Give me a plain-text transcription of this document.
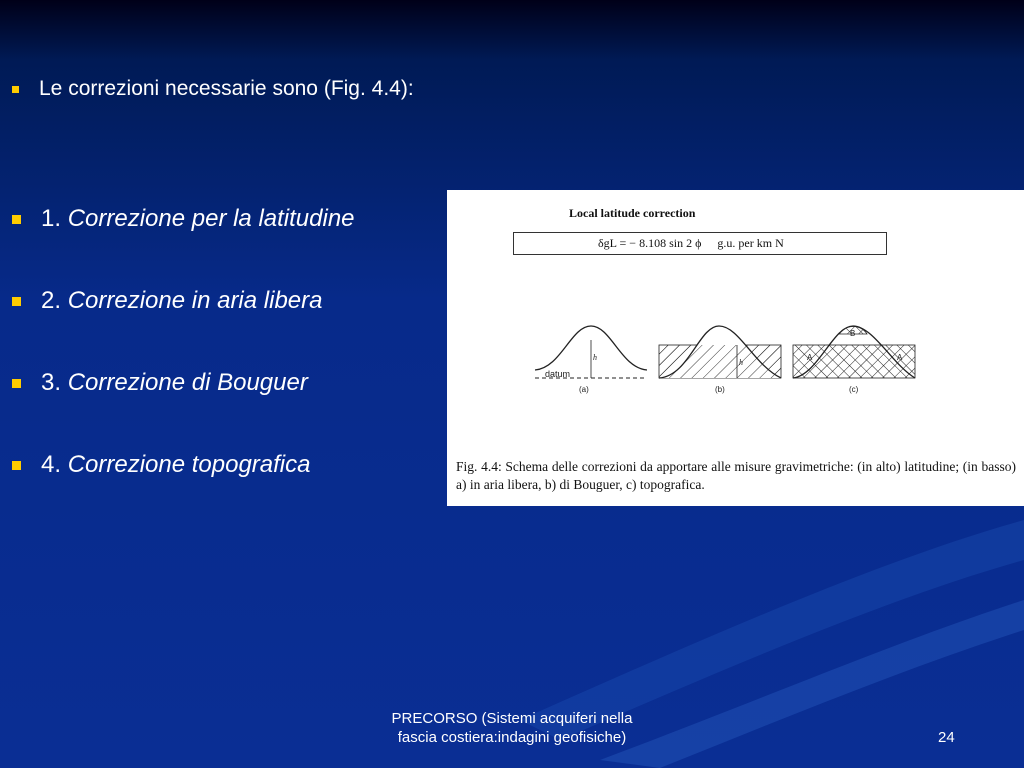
Le correzioni necessarie sono (Fig. 4.4):
1. Correzione per la latitudine
2. Correzione in aria libera
3. Correzione di Bouguer
4. Correzione topografica
Local latitude correction
δgL = − 8.108 sin 2 ϕ g.u. per km N
h
datum
(a)
h
(b)
B
A	A
(c)
Fig. 4.4: Schema delle correzioni da apportare alle misure gravimetriche: (in alto) latitudine; (in basso) a) in aria libera, b) di Bouguer, c) topografica.
PRECORSO (Sistemi acquiferi nella
fascia costiera:indagini geofisiche)	24
